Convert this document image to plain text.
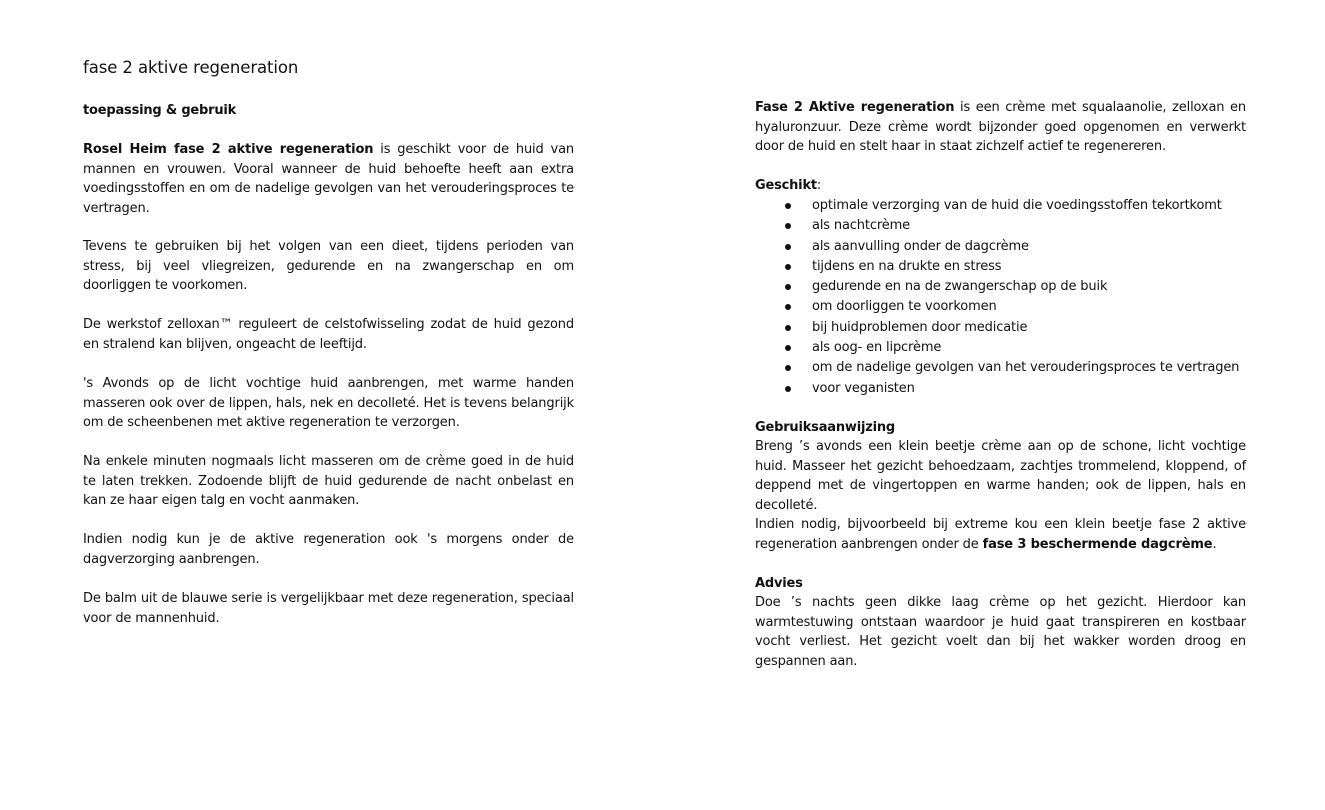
fase 2 aktive regeneration
toepassing & gebruik

Rosel Heim fase 2 aktive regeneration is geschikt voor de huid van mannen en vrouwen. Vooral wanneer de huid behoefte heeft aan extra voedingsstoffen en om de nadelige gevolgen van het verouderingsproces te vertragen.

Tevens te gebruiken bij het volgen van een dieet, tijdens perioden van stress, bij veel vliegreizen, gedurende en na zwangerschap en om doorliggen te voorkomen.

De werkstof zelloxan™ reguleert de celstofwisseling zodat de huid gezond en stralend kan blijven, ongeacht de leeftijd.

's Avonds op de licht vochtige huid aanbrengen, met warme handen masseren ook over de lippen, hals, nek en decolleté. Het is tevens belangrijk om de scheenbenen met aktive regeneration te verzorgen.

Na enkele minuten nogmaals licht masseren om de crème goed in de huid te laten trekken. Zodoende blijft de huid gedurende de nacht onbelast en kan ze haar eigen talg en vocht aanmaken.

Indien nodig kun je de aktive regeneration ook 's morgens onder de dagverzorging aanbrengen.

De balm uit de blauwe serie is vergelijkbaar met deze regeneration, speciaal voor de mannenhuid.

Fase 2 Aktive regeneration is een crème met squalaanolie, zelloxan en hyaluronzuur. Deze crème wordt bijzonder goed opgenomen en verwerkt door de huid en stelt haar in staat zichzelf actief te regenereren.

Geschikt:
optimale verzorging van de huid die voedingsstoffen tekortkomt
als nachtcrème
als aanvulling onder de dagcrème
tijdens en na drukte en stress
gedurende en na de zwangerschap op de buik
om doorliggen te voorkomen
bij huidproblemen door medicatie
als oog- en lipcrème
om de nadelige gevolgen van het verouderingsproces te vertragen
voor veganisten
Gebruiksaanwijzing

Breng ’s avonds een klein beetje crème aan op de schone, licht vochtige huid. Masseer het gezicht behoedzaam, zachtjes trommelend, kloppend, of deppend met de vingertoppen en warme handen; ook de lippen, hals en decolleté.

Indien nodig, bijvoorbeeld bij extreme kou een klein beetje fase 2 aktive regeneration aanbrengen onder de fase 3 beschermende dagcrème.

Advies

Doe ’s nachts geen dikke laag crème op het gezicht. Hierdoor kan warmtestuwing ontstaan waardoor je huid gaat transpireren en kostbaar vocht verliest. Het gezicht voelt dan bij het wakker worden droog en gespannen aan.
